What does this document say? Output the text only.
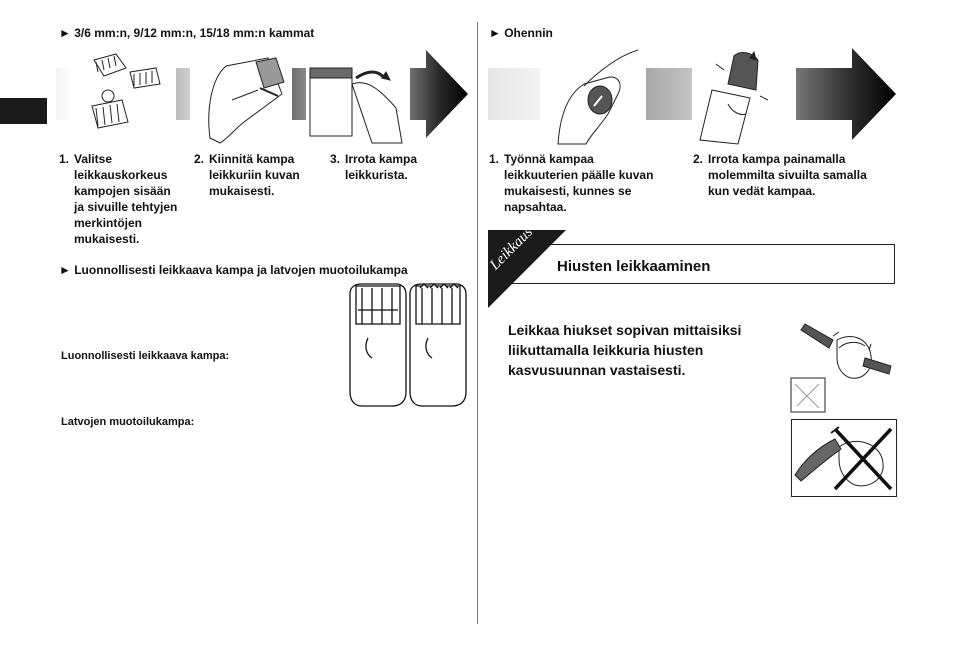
► 3/6 mm:n, 9/12 mm:n, 15/18 mm:n kammat
1. Valitse
leikkauskorkeus
kampojen sisään
ja sivuille tehtyjen
merkintöjen
mukaisesti.
2. Kiinnitä kampa
leikkuriin kuvan
mukaisesti.
3. Irrota kampa
leikkurista.
► Luonnollisesti leikkaava kampa ja latvojen muotoilukampa
Luonnollisesti leikkaava kampa:
Latvojen muotoilukampa:
► Ohennin
1. Työnnä kampaa
leikkuuterien päälle kuvan
mukaisesti, kunnes se
napsahtaa.
2. Irrota kampa painamalla
molemmilta sivuilta samalla
kun vedät kampaa.
Leikkaus Hiusten leikkaaminen
Leikkaa hiukset sopivan mittaisiksi
liikuttamalla leikkuria hiusten
kasvusuunnan vastaisesti.
